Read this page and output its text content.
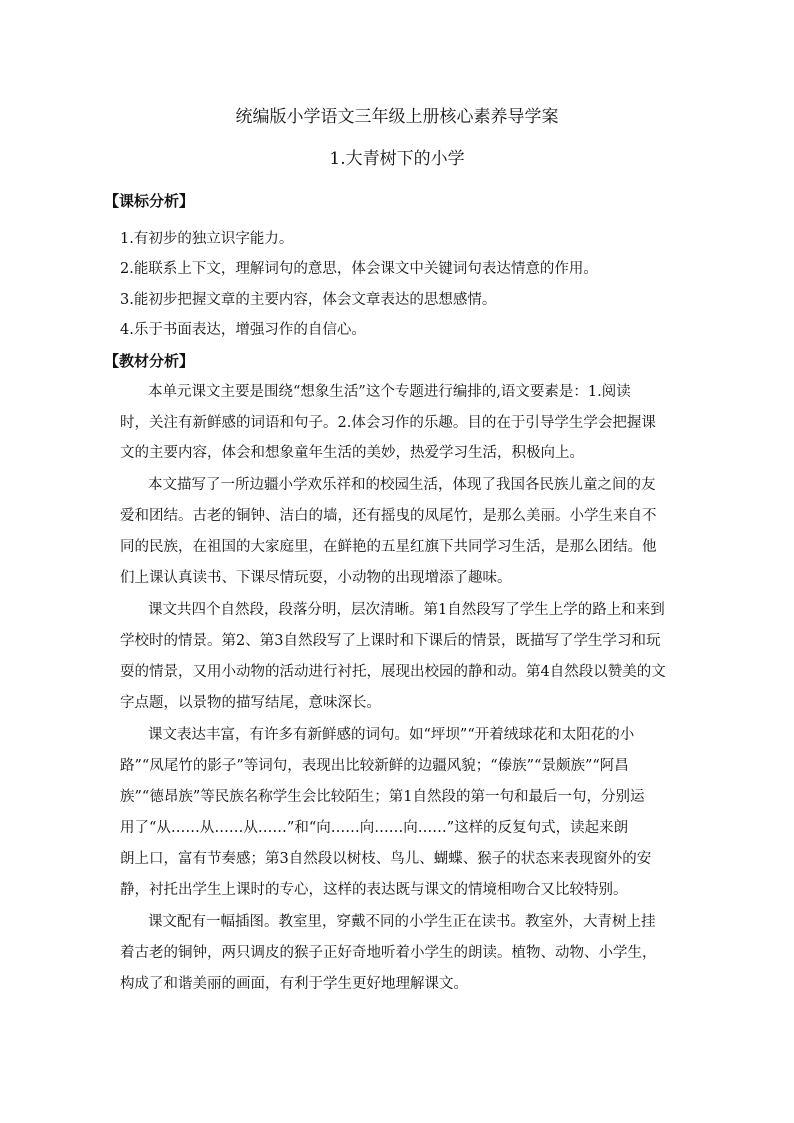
统编版小学语文三年级上册核心素养导学案
1.大青树下的小学
【课标分析】
1.有初步的独立识字能力。
2.能联系上下文，理解词句的意思，体会课文中关键词句表达情意的作用。
3.能初步把握文章的主要内容，体会文章表达的思想感情。
4.乐于书面表达，增强习作的自信心。
【教材分析】
本单元课文主要是围绕“想象生活”这个专题进行编排的,语文要素是：1.阅读
时，关注有新鲜感的词语和句子。2.体会习作的乐趣。目的在于引导学生学会把握课
文的主要内容，体会和想象童年生活的美妙，热爱学习生活，积极向上。
本文描写了一所边疆小学欢乐祥和的校园生活，体现了我国各民族儿童之间的友
爱和团结。古老的铜钟、洁白的墙，还有摇曳的凤尾竹，是那么美丽。小学生来自不
同的民族，在祖国的大家庭里，在鲜艳的五星红旗下共同学习生活，是那么团结。他
们上课认真读书、下课尽情玩耍，小动物的出现增添了趣味。
课文共四个自然段，段落分明，层次清晰。第1自然段写了学生上学的路上和来到
学校时的情景。第2、第3自然段写了上课时和下课后的情景，既描写了学生学习和玩
耍的情景，又用小动物的活动进行衬托，展现出校园的静和动。第4自然段以赞美的文
字点题，以景物的描写结尾，意味深长。
课文表达丰富，有许多有新鲜感的词句。如“坪坝”“开着绒球花和太阳花的小
路”“凤尾竹的影子”等词句，表现出比较新鲜的边疆风貌；“傣族”“景颇族”“阿昌
族”“德昂族”等民族名称学生会比较陌生；第1自然段的第一句和最后一句，分别运
用了“从……从……从……”和“向……向……向……”这样的反复句式，读起来朗
朗上口，富有节奏感；第3自然段以树枝、鸟儿、蝴蝶、猴子的状态来表现窗外的安
静，衬托出学生上课时的专心，这样的表达既与课文的情境相吻合又比较特别。
课文配有一幅插图。教室里，穿戴不同的小学生正在读书。教室外，大青树上挂
着古老的铜钟，两只调皮的猴子正好奇地听着小学生的朗读。植物、动物、小学生，
构成了和谐美丽的画面，有利于学生更好地理解课文。
